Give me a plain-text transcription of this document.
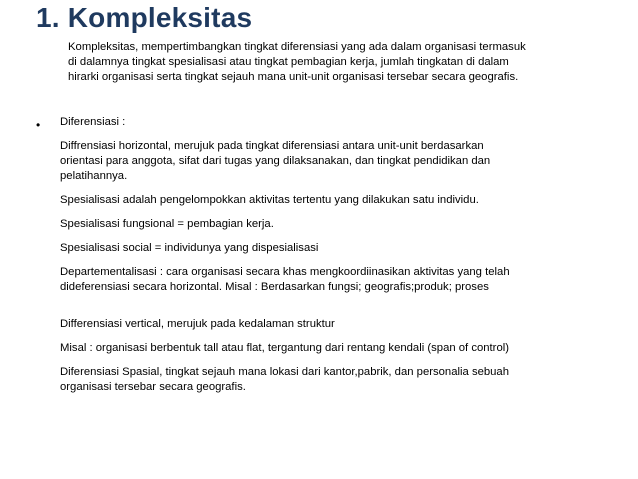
1. Kompleksitas
Kompleksitas, mempertimbangkan tingkat diferensiasi yang ada dalam organisasi termasuk
di dalamnya tingkat spesialisasi atau tingkat pembagian kerja, jumlah tingkatan di dalam
hirarki organisasi serta tingkat sejauh mana unit-unit organisasi tersebar secara geografis.
• Diferensiasi :

Diffrensiasi horizontal, merujuk pada tingkat diferensiasi antara unit-unit berdasarkan

orientasi para anggota, sifat dari tugas yang dilaksanakan, dan tingkat pendidikan dan

pelatihannya.

Spesialisasi adalah pengelompokkan aktivitas tertentu yang dilakukan satu individu.

Spesialisasi fungsional = pembagian kerja.

Spesialisasi social = individunya yang dispesialisasi

Departementalisasi : cara organisasi secara khas mengkoordiinasikan aktivitas yang telah

dideferensiasi secara horizontal. Misal : Berdasarkan fungsi; geografis;produk; proses

Differensiasi vertical, merujuk pada kedalaman struktur

Misal : organisasi berbentuk tall atau flat, tergantung dari rentang kendali (span of control)

Diferensiasi Spasial, tingkat sejauh mana lokasi dari kantor,pabrik, dan personalia sebuah

organisasi tersebar secara geografis.
